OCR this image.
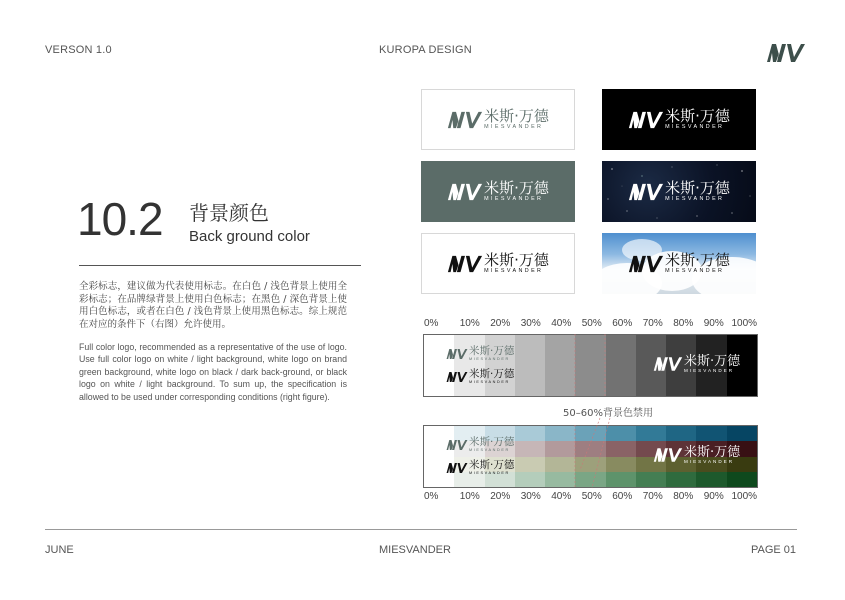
VERSON 1.0	KUROPA DESIGN
10.2 背景颜色
Back ground color

全彩标志，建议做为代表使用标志。在白色 / 浅色背景上使用全彩标志；在品牌绿背景上使用白色标志；在黑色 / 深色背景上使用白色标志，或者在白色 / 浅色背景上使用黑色标志。综上规范在对应的条件下（右图）允许使用。

Full color logo, recommended as a representative of the use of logo. Use full color logo on white / light background, white logo on brand green background, white logo on black / dark back-ground, or black logo on white / light background. To sum up, the specification is allowed to be used under corresponding conditions (right figure).

米斯·万德
MIESVANDER
米斯·万德
MIESVANDER
米斯·万德
MIESVANDER
米斯·万德
MIESVANDER
米斯·万德
MIESVANDER
米斯·万德
MIESVANDER
0%	10%	20%	30%	40%	50%	60%	70%	80%	90% 100%
米斯·万德
MIESVANDER
米斯·万德
MIESVANDER
米斯·万德
MIESVANDER
50–60%背景色禁用
米斯·万德
MIESVANDER
米斯·万德
MIESVANDER
米斯·万德
MIESVANDER
0%	10%	20%	30%	40%	50%	60%	70%	80%	90% 100%
JUNE	MIESVANDER	PAGE 01
